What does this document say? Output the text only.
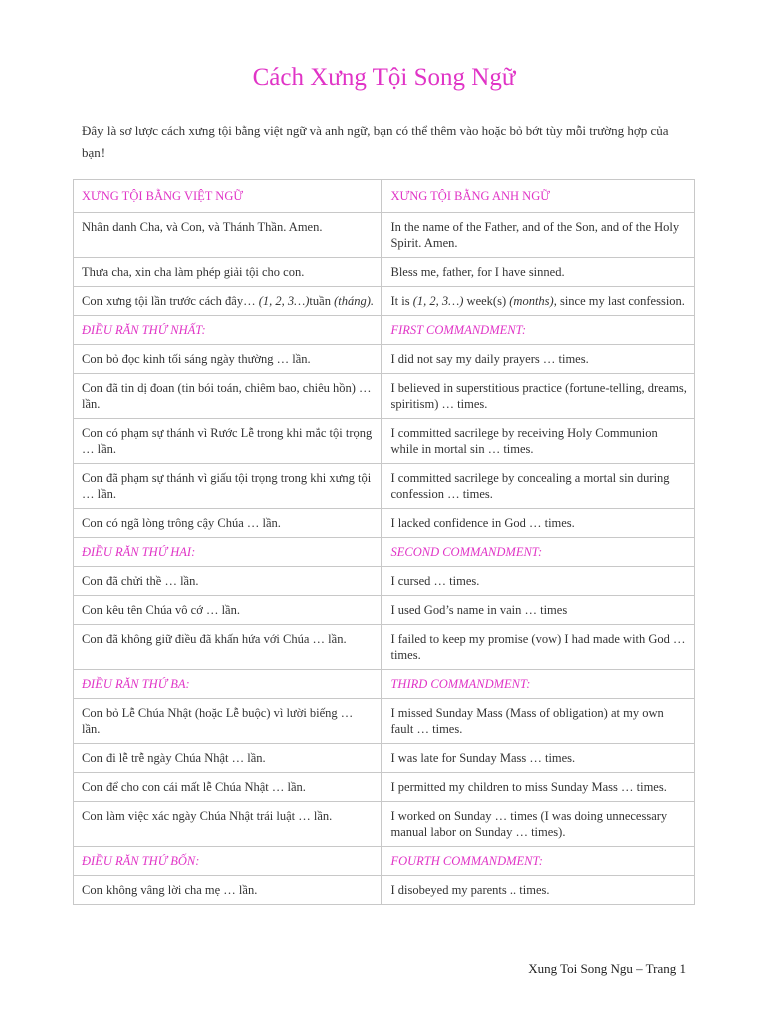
Cách Xưng Tội Song Ngữ
Đây là sơ lược cách xưng tội bằng việt ngữ và anh ngữ, bạn có thể thêm vào hoặc bỏ bớt tùy mỗi trường hợp của bạn!
XƯNG TỘI BẰNG VIỆT NGỮ	XƯNG TỘI BẰNG ANH NGỮ
Nhân danh Cha, và Con, và Thánh Thần. Amen.	In the name of the Father, and of the Son, and of the Holy Spirit. Amen.
Thưa cha, xin cha làm phép giải tội cho con.	Bless me, father, for I have sinned.
Con xưng tội lần trước cách đây… (1, 2, 3…)tuần (tháng).	It is (1, 2, 3…) week(s) (months), since my last confession.
ĐIỀU RĂN THỨ NHẤT:	FIRST COMMANDMENT:
Con bỏ đọc kinh tối sáng ngày thường … lần.	I did not say my daily prayers … times.
Con đã tin dị đoan (tin bói toán, chiêm bao, chiêu hồn) … lần.	I believed in superstitious practice (fortune-telling, dreams, spiritism) … times.
Con có phạm sự thánh vì Rước Lễ trong khi mắc tội trọng … lần.	I committed sacrilege by receiving Holy Communion while in mortal sin … times.
Con đã phạm sự thánh vì giấu tội trọng trong khi xưng tội … lần.	I committed sacrilege by concealing a mortal sin during confession … times.
Con có ngã lòng trông cậy Chúa … lần.	I lacked confidence in God … times.
ĐIỀU RĂN THỨ HAI:	SECOND COMMANDMENT:
Con đã chửi thề … lần.	I cursed … times.
Con kêu tên Chúa vô cớ … lần.	I used God’s name in vain … times
Con đã không giữ điều đã khấn hứa với Chúa … lần.	I failed to keep my promise (vow) I had made with God … times.
ĐIỀU RĂN THỨ BA:	THIRD COMMANDMENT:
Con bỏ Lễ Chúa Nhật (hoặc Lễ buộc) vì lười biếng … lần.	I missed Sunday Mass (Mass of obligation) at my own fault … times.
Con đi lễ trễ ngày Chúa Nhật … lần.	I was late for Sunday Mass … times.
Con để cho con cái mất lễ Chúa Nhật … lần.	I permitted my children to miss Sunday Mass … times.
Con làm việc xác ngày Chúa Nhật trái luật … lần.	I worked on Sunday … times (I was doing unnecessary manual labor on Sunday … times).
ĐIỀU RĂN THỨ BỐN:	FOURTH COMMANDMENT:
Con không vâng lời cha mẹ … lần.	I disobeyed my parents .. times.
Xung Toi Song Ngu – Trang 1
